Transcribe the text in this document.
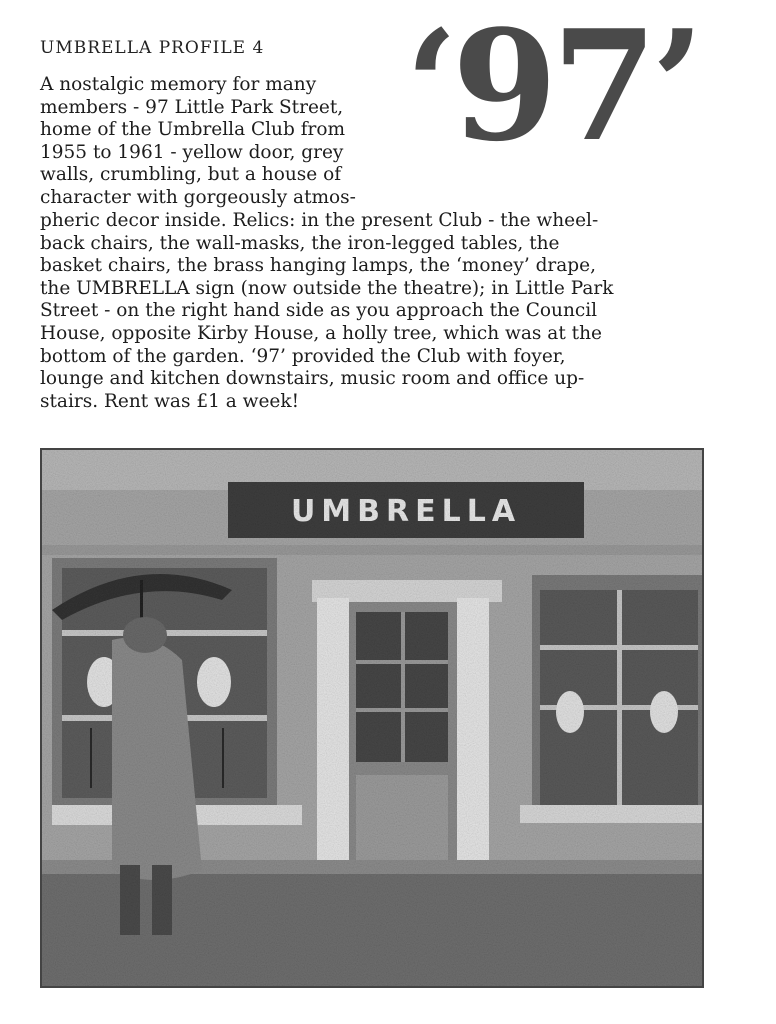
UMBRELLA PROFILE 4 ‘97’
A nostalgic memory for many
members - 97 Little Park Street,
home of the Umbrella Club from
1955 to 1961 - yellow door, grey
walls, crumbling, but a house of
character with gorgeously atmos-
pheric decor inside. Relics: in the present Club - the wheel-
back chairs, the wall-masks, the iron-legged tables, the
basket chairs, the brass hanging lamps, the ‘money’ drape,
the UMBRELLA sign (now outside the theatre); in Little Park
Street - on the right hand side as you approach the Council
House, opposite Kirby House, a holly tree, which was at the
bottom of the garden. ‘97’ provided the Club with foyer,
lounge and kitchen downstairs, music room and office up-
stairs. Rent was £1 a week!
UMBRELLA
